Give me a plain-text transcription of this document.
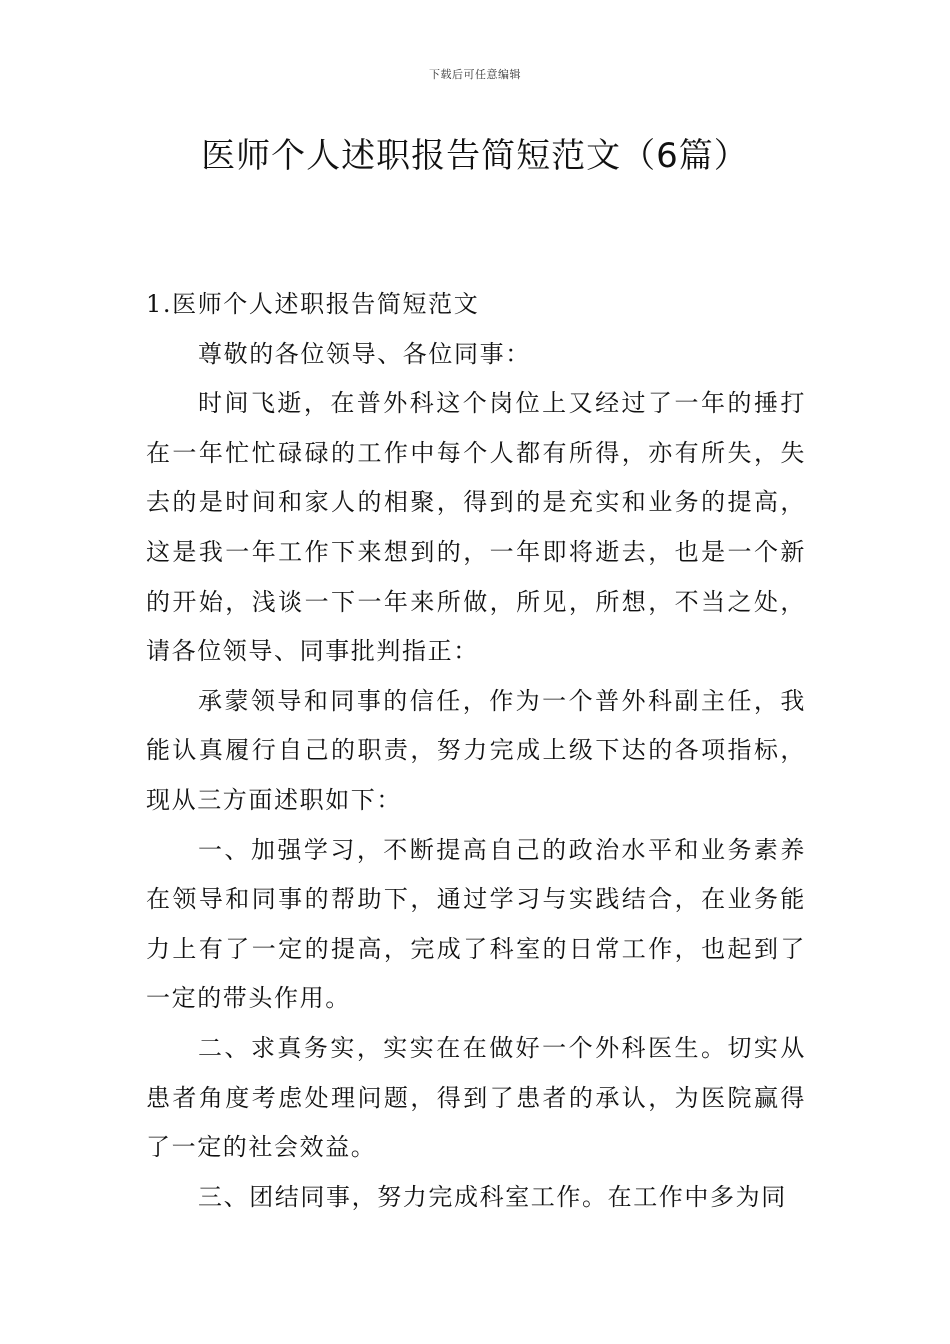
下载后可任意编辑
医师个人述职报告简短范文（6篇）

1.医师个人述职报告简短范文

尊敬的各位领导、各位同事：

时间飞逝，在普外科这个岗位上又经过了一年的捶打在一年忙忙碌碌的工作中每个人都有所得，亦有所失，失去的是时间和家人的相聚，得到的是充实和业务的提高，这是我一年工作下来想到的，一年即将逝去，也是一个新的开始，浅谈一下一年来所做，所见，所想，不当之处，请各位领导、同事批判指正：

承蒙领导和同事的信任，作为一个普外科副主任，我能认真履行自己的职责，努力完成上级下达的各项指标，现从三方面述职如下：

一、加强学习，不断提高自己的政治水平和业务素养在领导和同事的帮助下，通过学习与实践结合，在业务能力上有了一定的提高，完成了科室的日常工作，也起到了一定的带头作用。

二、求真务实，实实在在做好一个外科医生。切实从患者角度考虑处理问题，得到了患者的承认，为医院赢得了一定的社会效益。

三、团结同事，努力完成科室工作。在工作中多为同
